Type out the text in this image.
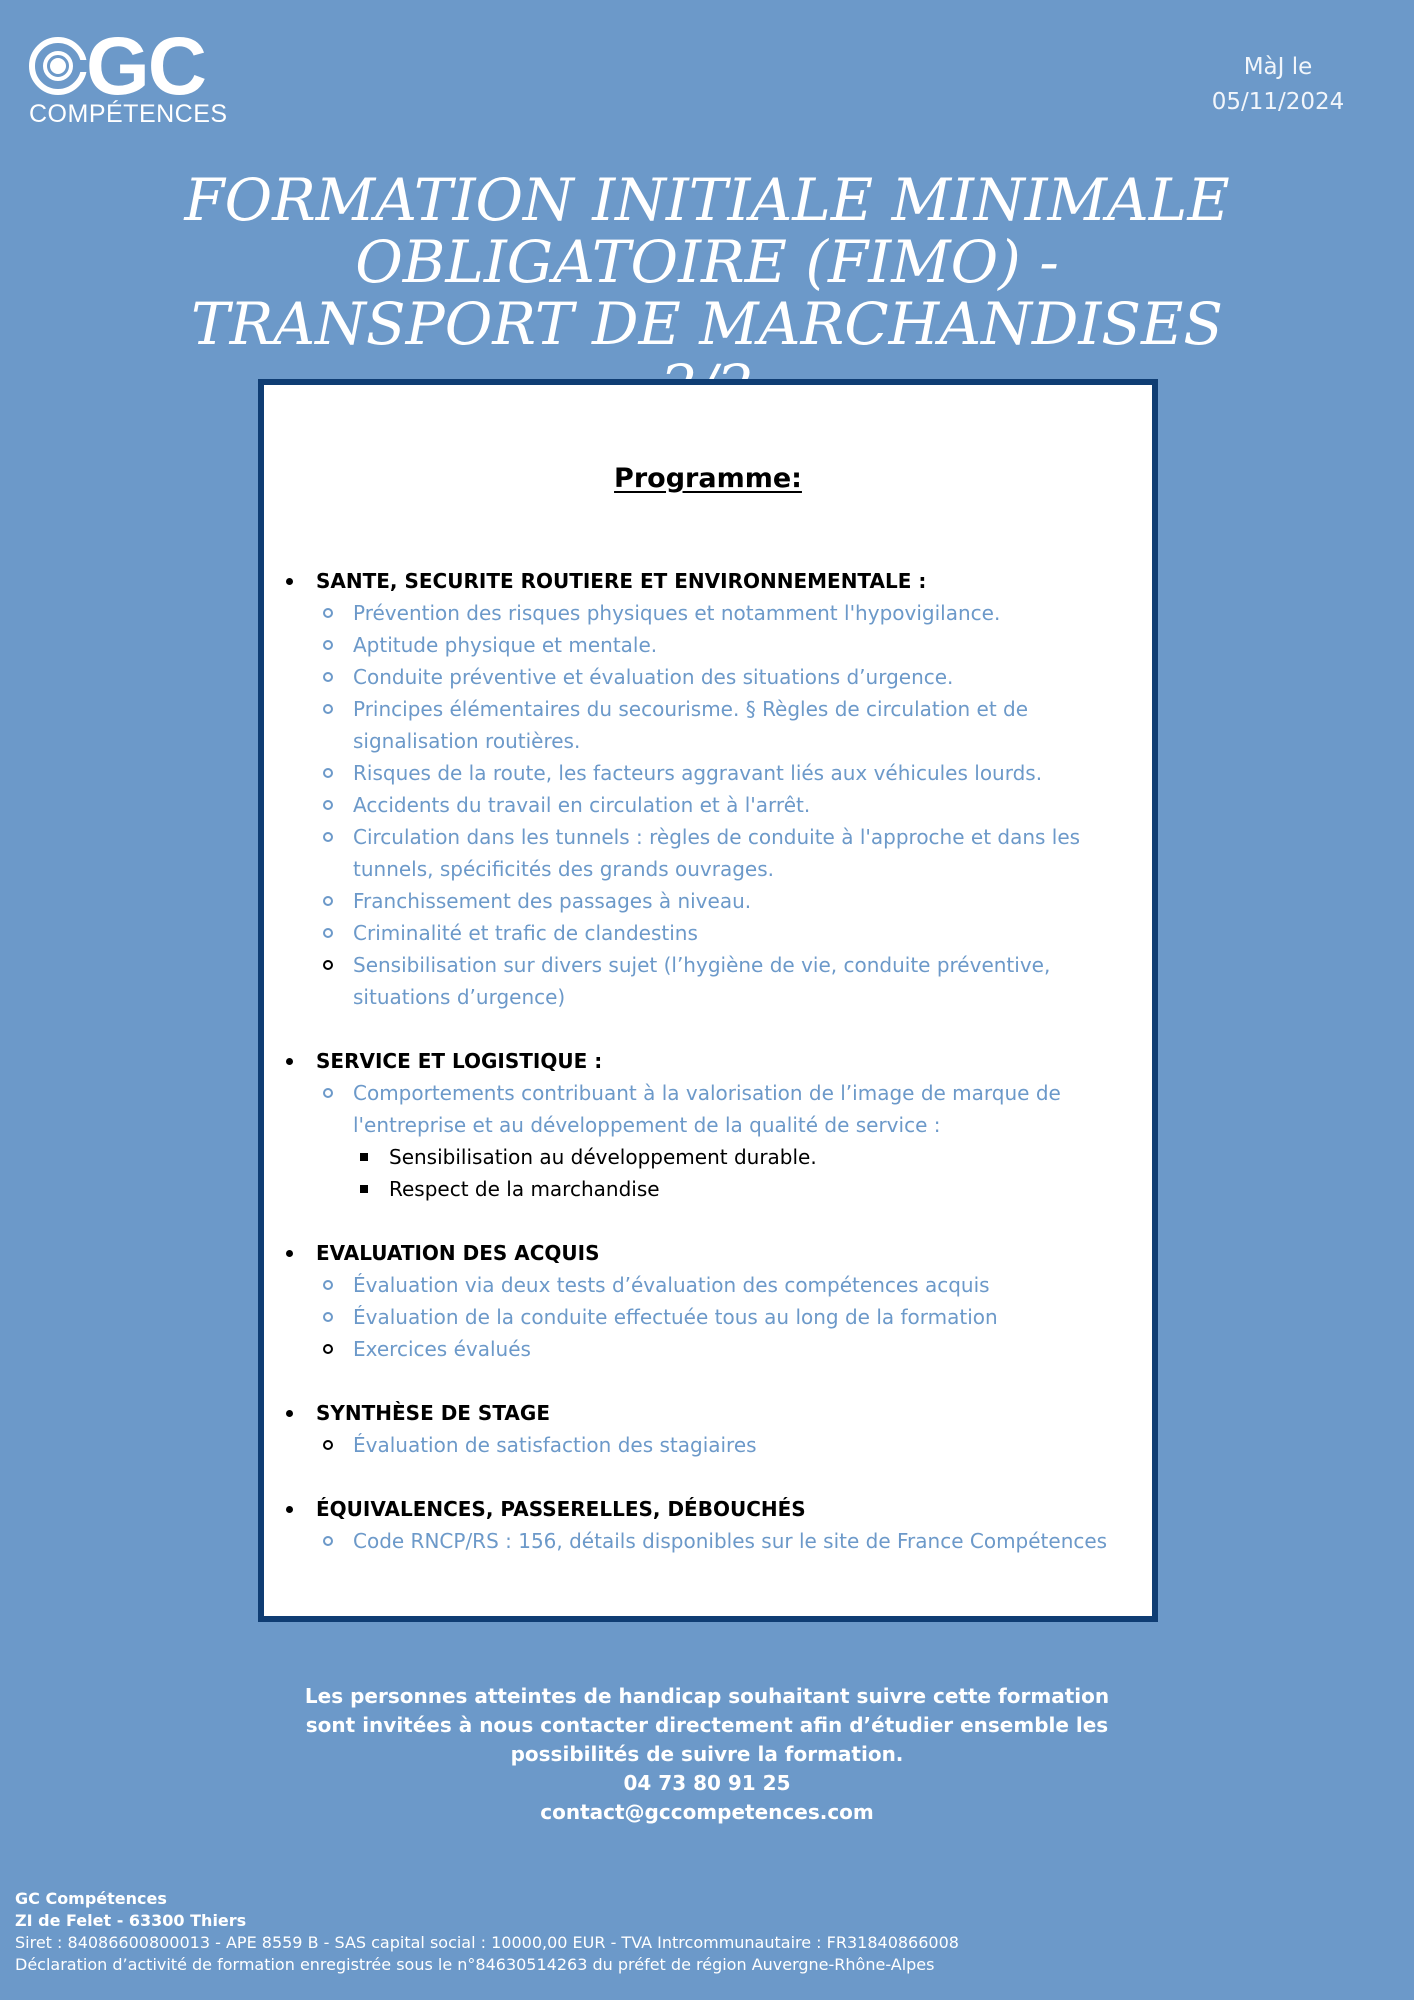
GC
COMPÉTENCES
MàJ le
05/11/2024
FORMATION INITIALE MINIMALE OBLIGATOIRE (FIMO) - TRANSPORT DE MARCHANDISES
Programme:
SANTE, SECURITE ROUTIERE ET ENVIRONNEMENTALE :
Prévention des risques physiques et notamment l'hypovigilance.
Aptitude physique et mentale.
Conduite préventive et évaluation des situations d’urgence.
Principes élémentaires du secourisme. § Règles de circulation et de signalisation routières.
Risques de la route, les facteurs aggravant liés aux véhicules lourds.
Accidents du travail en circulation et à l'arrêt.
Circulation dans les tunnels : règles de conduite à l'approche et dans les tunnels, spécificités des grands ouvrages.
Franchissement des passages à niveau.
Criminalité et trafic de clandestins
Sensibilisation sur divers sujet (l’hygiène de vie, conduite préventive, situations d’urgence)
SERVICE ET LOGISTIQUE :
Comportements contribuant à la valorisation de l’image de marque de l'entreprise et au développement de la qualité de service :
Sensibilisation au développement durable.
Respect de la marchandise
EVALUATION DES ACQUIS
Évaluation via deux tests d’évaluation des compétences acquis
Évaluation de la conduite effectuée tous au long de la formation
Exercices évalués
SYNTHÈSE DE STAGE
Évaluation de satisfaction des stagiaires
ÉQUIVALENCES, PASSERELLES, DÉBOUCHÉS
Code RNCP/RS : 156, détails disponibles sur le site de France Compétences
Les personnes atteintes de handicap souhaitant suivre cette formation sont invitées à nous contacter directement afin d’étudier ensemble les possibilités de suivre la formation.
04 73 80 91 25
contact@gccompetences.com
GC Compétences
ZI de Felet - 63300 Thiers
Siret : 84086600800013 - APE 8559 B - SAS capital social : 10000,00 EUR - TVA Intrcommunautaire : FR31840866008
Déclaration d’activité de formation enregistrée sous le n°84630514263 du préfet de région Auvergne-Rhône-Alpes
